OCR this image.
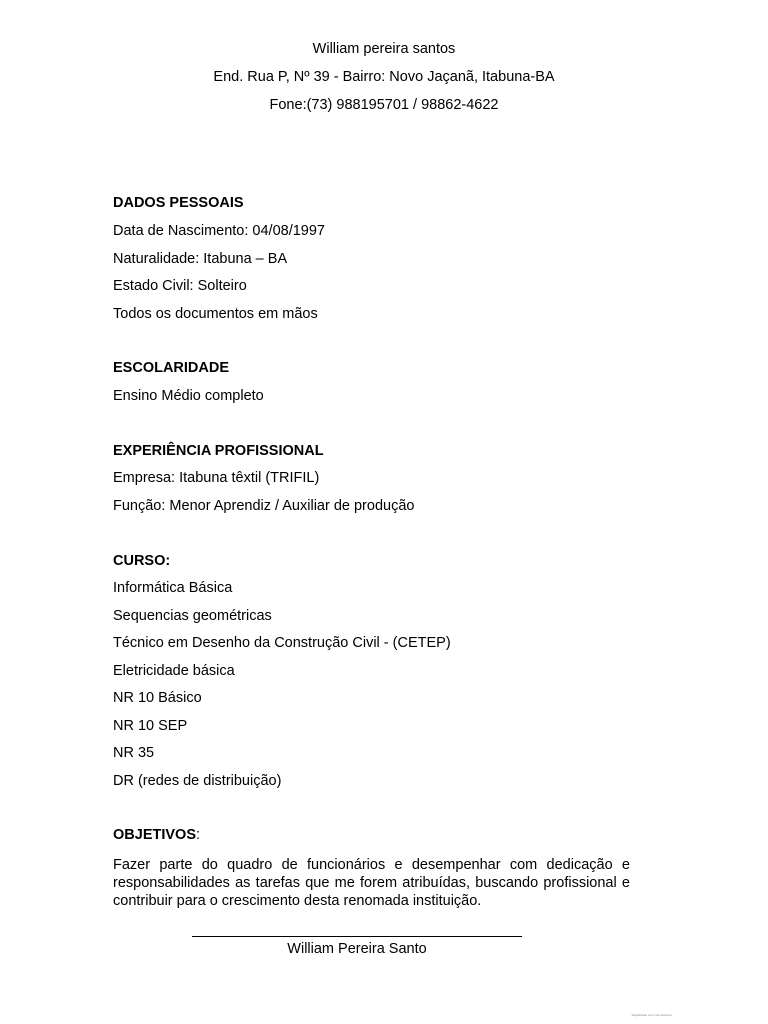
William pereira santos
End. Rua P, Nº 39 - Bairro: Novo Jaçanã, Itabuna-BA
Fone:(73) 988195701 / 98862-4622
DADOS PESSOAIS
Data de Nascimento: 04/08/1997
Naturalidade: Itabuna – BA
Estado Civil: Solteiro
Todos os documentos em mãos
ESCOLARIDADE
Ensino Médio completo
EXPERIÊNCIA PROFISSIONAL
Empresa: Itabuna têxtil (TRIFIL)
Função: Menor Aprendiz / Auxiliar de produção
CURSO:
Informática Básica
Sequencias geométricas
Técnico em Desenho da Construção Civil - (CETEP)
Eletricidade básica
NR 10 Básico
NR 10 SEP
NR 35
DR (redes de distribuição)
OBJETIVOS:
Fazer parte do quadro de funcionários e desempenhar com dedicação e responsabilidades as tarefas que me forem atribuídas, buscando profissional e contribuir para o crescimento desta renomada instituição.
William Pereira Santo
Digitalizado com CamScanner
